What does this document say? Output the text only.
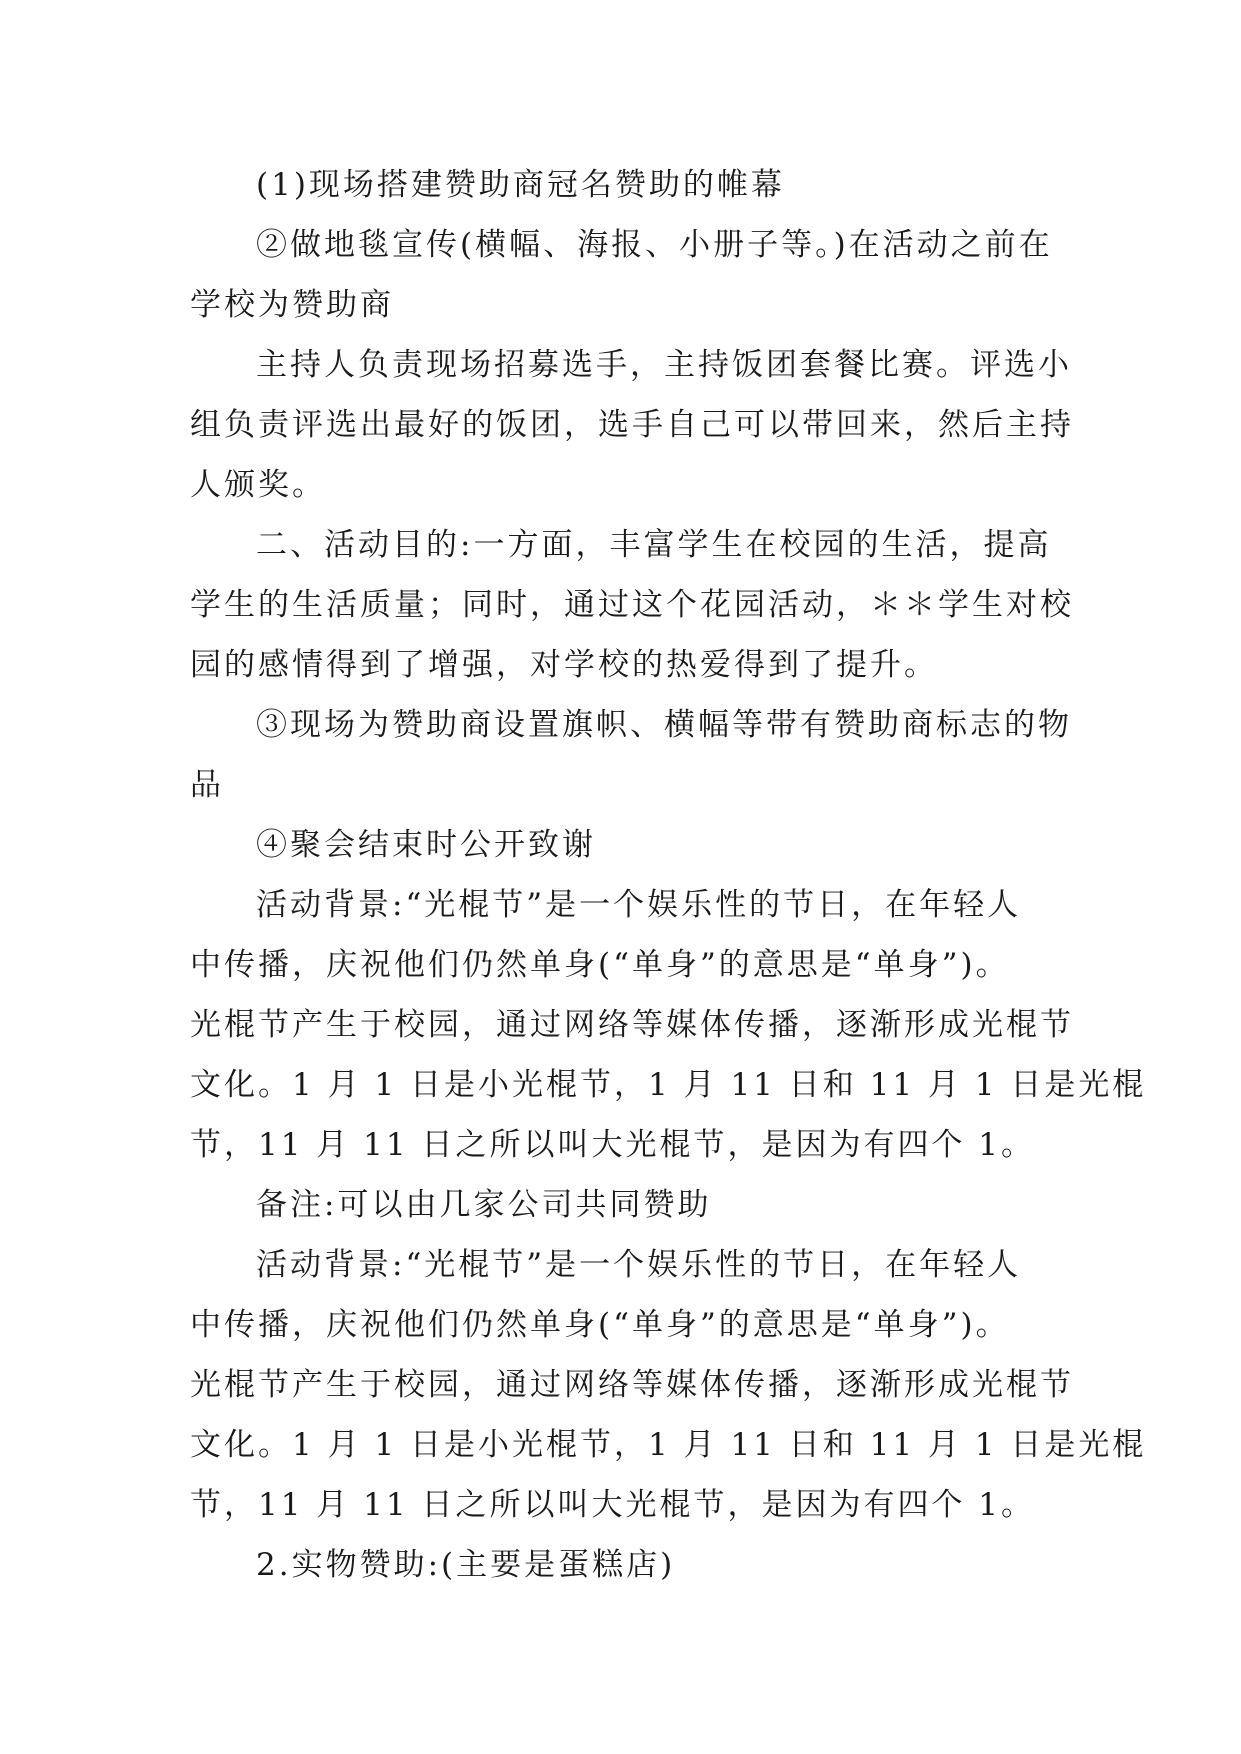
(1)现场搭建赞助商冠名赞助的帷幕

②做地毯宣传(横幅、海报、小册子等。)在活动之前在
学校为赞助商

主持人负责现场招募选手，主持饭团套餐比赛。评选小
组负责评选出最好的饭团，选手自己可以带回来，然后主持
人颁奖。

二、活动目的:一方面，丰富学生在校园的生活，提高
学生的生活质量；同时，通过这个花园活动，＊＊学生对校
园的感情得到了增强，对学校的热爱得到了提升。

③现场为赞助商设置旗帜、横幅等带有赞助商标志的物
品

④聚会结束时公开致谢

活动背景:“光棍节”是一个娱乐性的节日，在年轻人
中传播，庆祝他们仍然单身(“单身”的意思是“单身”)。
光棍节产生于校园，通过网络等媒体传播，逐渐形成光棍节
文化。1 月 1 日是小光棍节，1 月 11 日和 11 月 1 日是光棍
节，11 月 11 日之所以叫大光棍节，是因为有四个 1。

备注:可以由几家公司共同赞助

活动背景:“光棍节”是一个娱乐性的节日，在年轻人
中传播，庆祝他们仍然单身(“单身”的意思是“单身”)。
光棍节产生于校园，通过网络等媒体传播，逐渐形成光棍节
文化。1 月 1 日是小光棍节，1 月 11 日和 11 月 1 日是光棍
节，11 月 11 日之所以叫大光棍节，是因为有四个 1。

2.实物赞助:(主要是蛋糕店)
